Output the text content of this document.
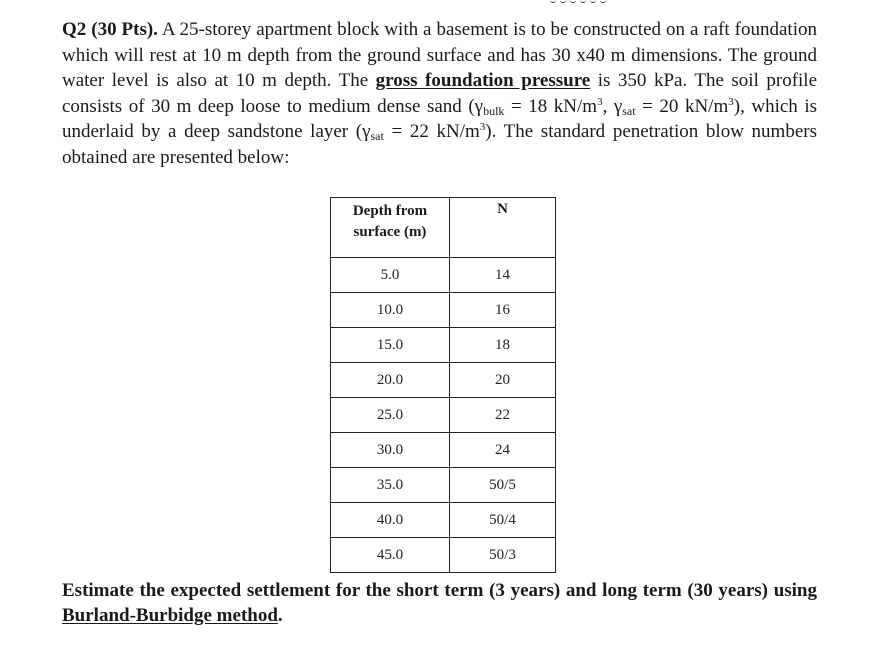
Q2 (30 Pts). A 25-storey apartment block with a basement is to be constructed on a raft foundation which will rest at 10 m depth from the ground surface and has 30 x40 m dimensions. The ground water level is also at 10 m depth. The gross foundation pressure is 350 kPa. The soil profile consists of 30 m deep loose to medium dense sand ($\gamma_{bulk} = 18$ $kN/m^3$, $\gamma_{sat} = 20$ $kN/m^3$), which is underlaid by a deep sandstone layer ($\gamma_{sat} = 22$ $kN/m^3$). The standard penetration blow numbers obtained are presented below:

Depth from
surface (m)	N
5.0	14
10.0	16
15.0	18
20.0	20
25.0	22
30.0	24
35.0	50/5
40.0	50/4
45.0	50/3

Estimate the expected settlement for the short term (3 years) and long term (30 years) using Burland-Burbidge method.
